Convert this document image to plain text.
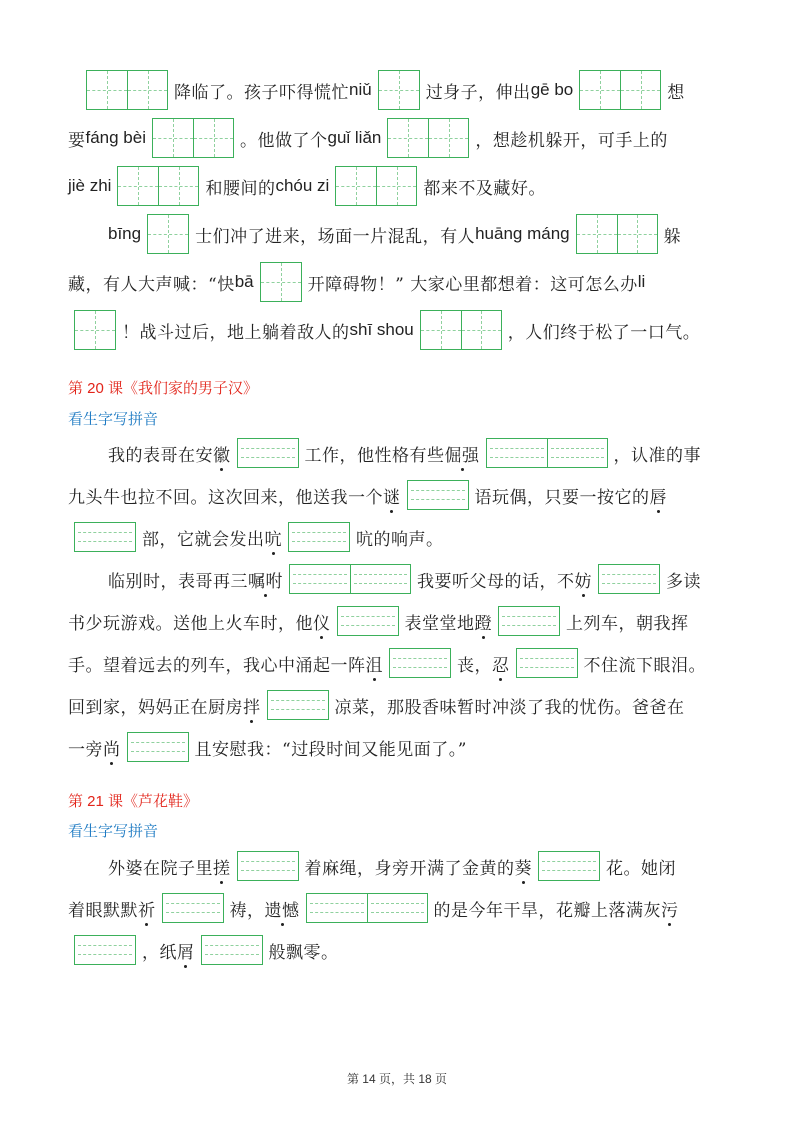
降临了。孩子吓得慌忙 niǔ	过身子，伸出 gē bo	想
要 fáng bèi	。他做了个 guǐ liǎn	，想趁机躲开，可手上的
jiè zhi	和腰间的 chóu zi	都来不及藏好。
bīng	士们冲了进来，场面一片混乱，有人 huāng máng	躲
藏，有人大声喊：“快 bā	开障碍物！” 大家心里都想着：这可怎么办 li
！战斗过后，地上躺着敌人的 shī shou	，人们终于松了一口气。
第 20 课《我们家的男子汉》
看生字写拼音
我的表哥在安 徽	工作，他性格有些 倔强	，认准的事
九头牛也拉不回。这次回来，他送我一个 谜	语玩偶，只要一按它的 唇
部，它就会发出 吭	吭的响声。
临别时，表哥再三 嘱咐	我要听父母的话，不 妨	多读
书少玩游戏。送他上火车时，他 仪	表堂堂地 蹬	上列车，朝我挥
手。望着远去的列车，我心中涌起一阵 沮	丧， 忍	不住流下眼泪。
回到家，妈妈正在厨房 拌	凉菜，那股香味暂时冲淡了我的忧伤。爸爸在
一旁 尚	且安慰我：“过段时间又能见面了。”
第 21 课《芦花鞋》
看生字写拼音
外婆在院子里 搓	着麻绳，身旁开满了金黄的 葵	花。她闭
着眼默默 祈	祷， 遗憾	的是今年干旱，花瓣上落满灰 污
，纸 屑	般飘零。
第 14 页，共 18 页
